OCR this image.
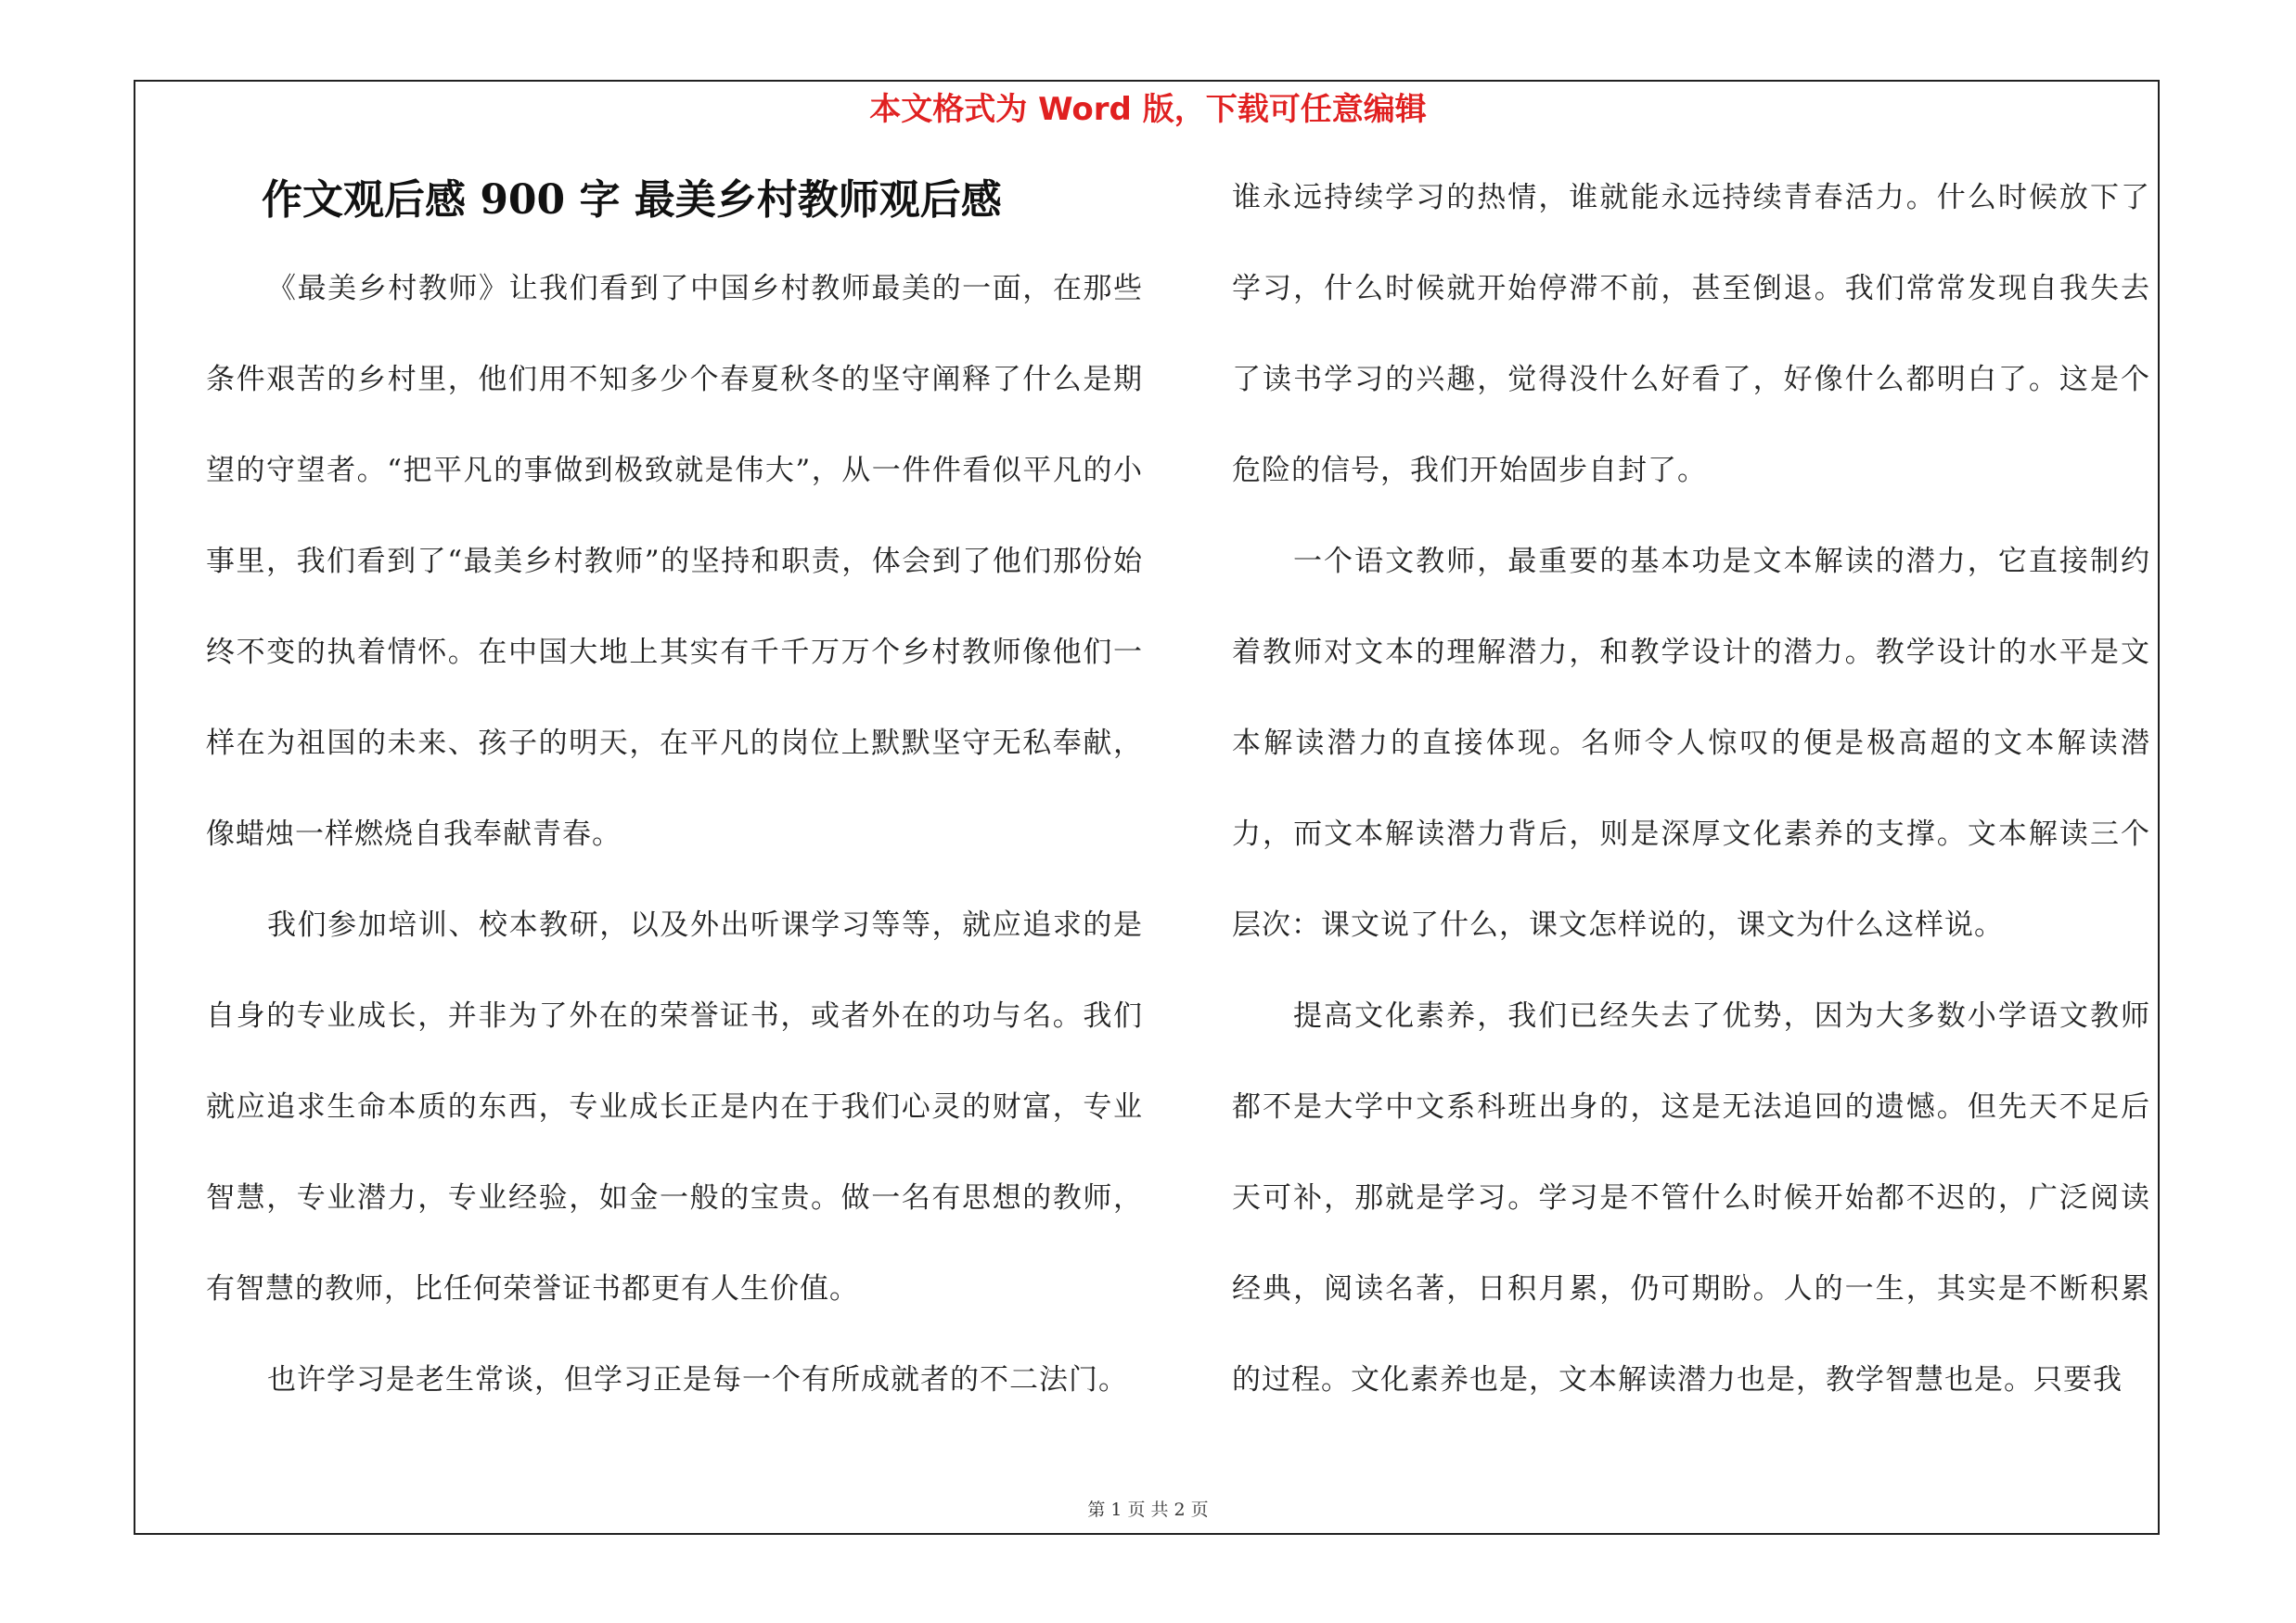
本文格式为 Word 版，下载可任意编辑
作文观后感 900 字 最美乡村教师观后感

《最美乡村教师》让我们看到了中国乡村教师最美的一面，在那些条件艰苦的乡村里，他们用不知多少个春夏秋冬的坚守阐释了什么是期望的守望者。“把平凡的事做到极致就是伟大”，从一件件看似平凡的小事里，我们看到了“最美乡村教师”的坚持和职责，体会到了他们那份始终不变的执着情怀。在中国大地上其实有千千万万个乡村教师像他们一样在为祖国的未来、孩子的明天，在平凡的岗位上默默坚守无私奉献，像蜡烛一样燃烧自我奉献青春。

我们参加培训、校本教研，以及外出听课学习等等，就应追求的是自身的专业成长，并非为了外在的荣誉证书，或者外在的功与名。我们就应追求生命本质的东西，专业成长正是内在于我们心灵的财富，专业智慧，专业潜力，专业经验，如金一般的宝贵。做一名有思想的教师，有智慧的教师，比任何荣誉证书都更有人生价值。

也许学习是老生常谈，但学习正是每一个有所成就者的不二法门。

谁永远持续学习的热情，谁就能永远持续青春活力。什么时候放下了学习，什么时候就开始停滞不前，甚至倒退。我们常常发现自我失去了读书学习的兴趣，觉得没什么好看了，好像什么都明白了。这是个危险的信号，我们开始固步自封了。

一个语文教师，最重要的基本功是文本解读的潜力，它直接制约着教师对文本的理解潜力，和教学设计的潜力。教学设计的水平是文本解读潜力的直接体现。名师令人惊叹的便是极高超的文本解读潜力，而文本解读潜力背后，则是深厚文化素养的支撑。文本解读三个层次：课文说了什么，课文怎样说的，课文为什么这样说。

提高文化素养，我们已经失去了优势，因为大多数小学语文教师都不是大学中文系科班出身的，这是无法追回的遗憾。但先天不足后天可补，那就是学习。学习是不管什么时候开始都不迟的，广泛阅读经典，阅读名著，日积月累，仍可期盼。人的一生，其实是不断积累的过程。文化素养也是，文本解读潜力也是，教学智慧也是。只要我

第 1 页 共 2 页
